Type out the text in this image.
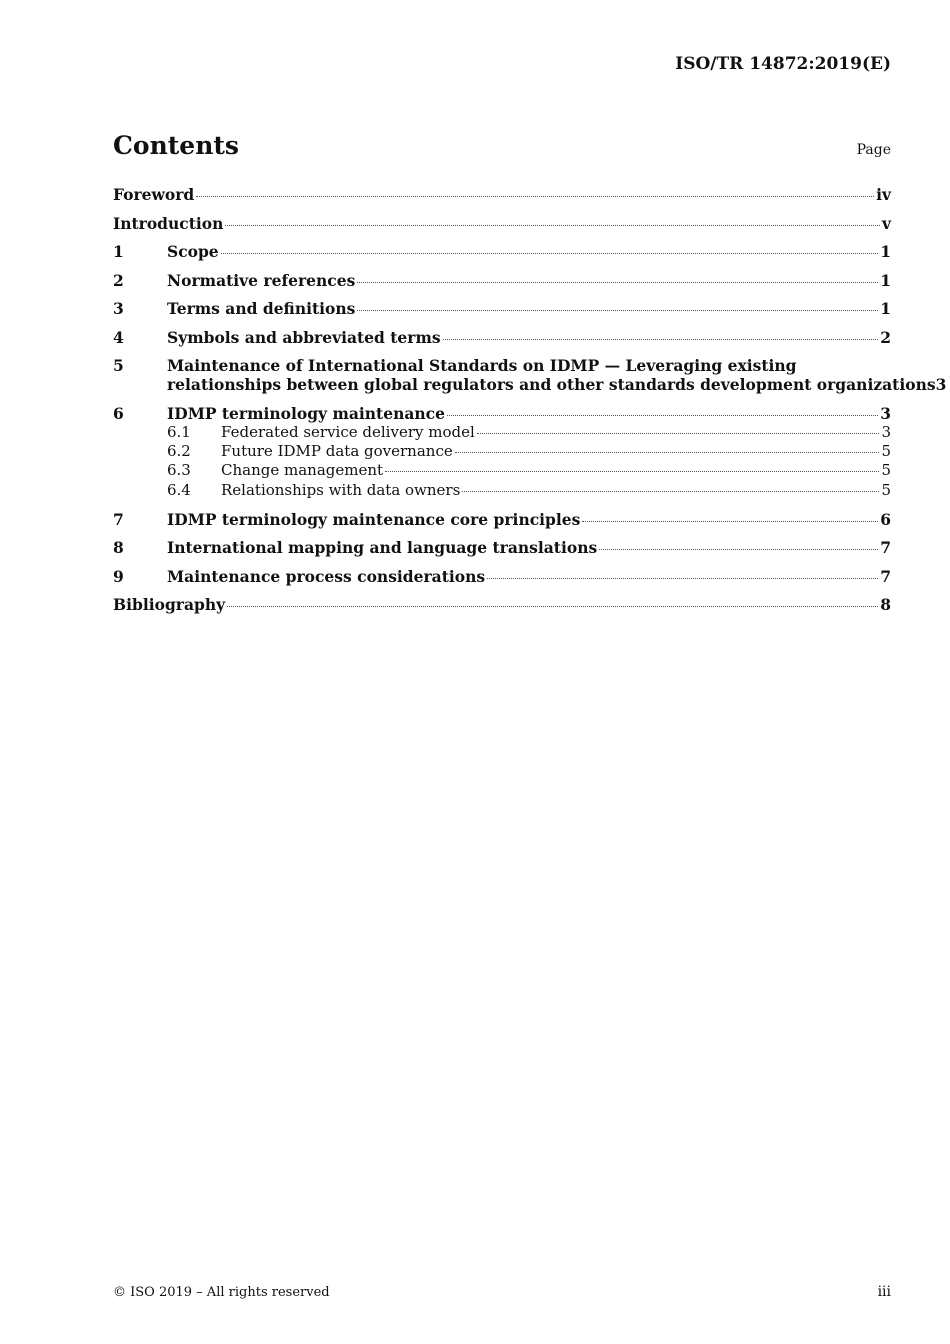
ISO/TR 14872:2019(E)
Contents	Page
Foreword	iv
Introduction	v
1	Scope	1
2	Normative references	1
3	Terms and definitions	1
4	Symbols and abbreviated terms	2
5	Maintenance of International Standards on IDMP — Leveraging existing
relationships between global regulators and other standards development organizations 3
6	IDMP terminology maintenance	3
6.1	Federated service delivery model	3
6.2	Future IDMP data governance	5
6.3	Change management	5
6.4	Relationships with data owners	5
7	IDMP terminology maintenance core principles	6
8	International mapping and language translations	7
9	Maintenance process considerations	7
Bibliography	8
© ISO 2019 – All rights reserved	iii
